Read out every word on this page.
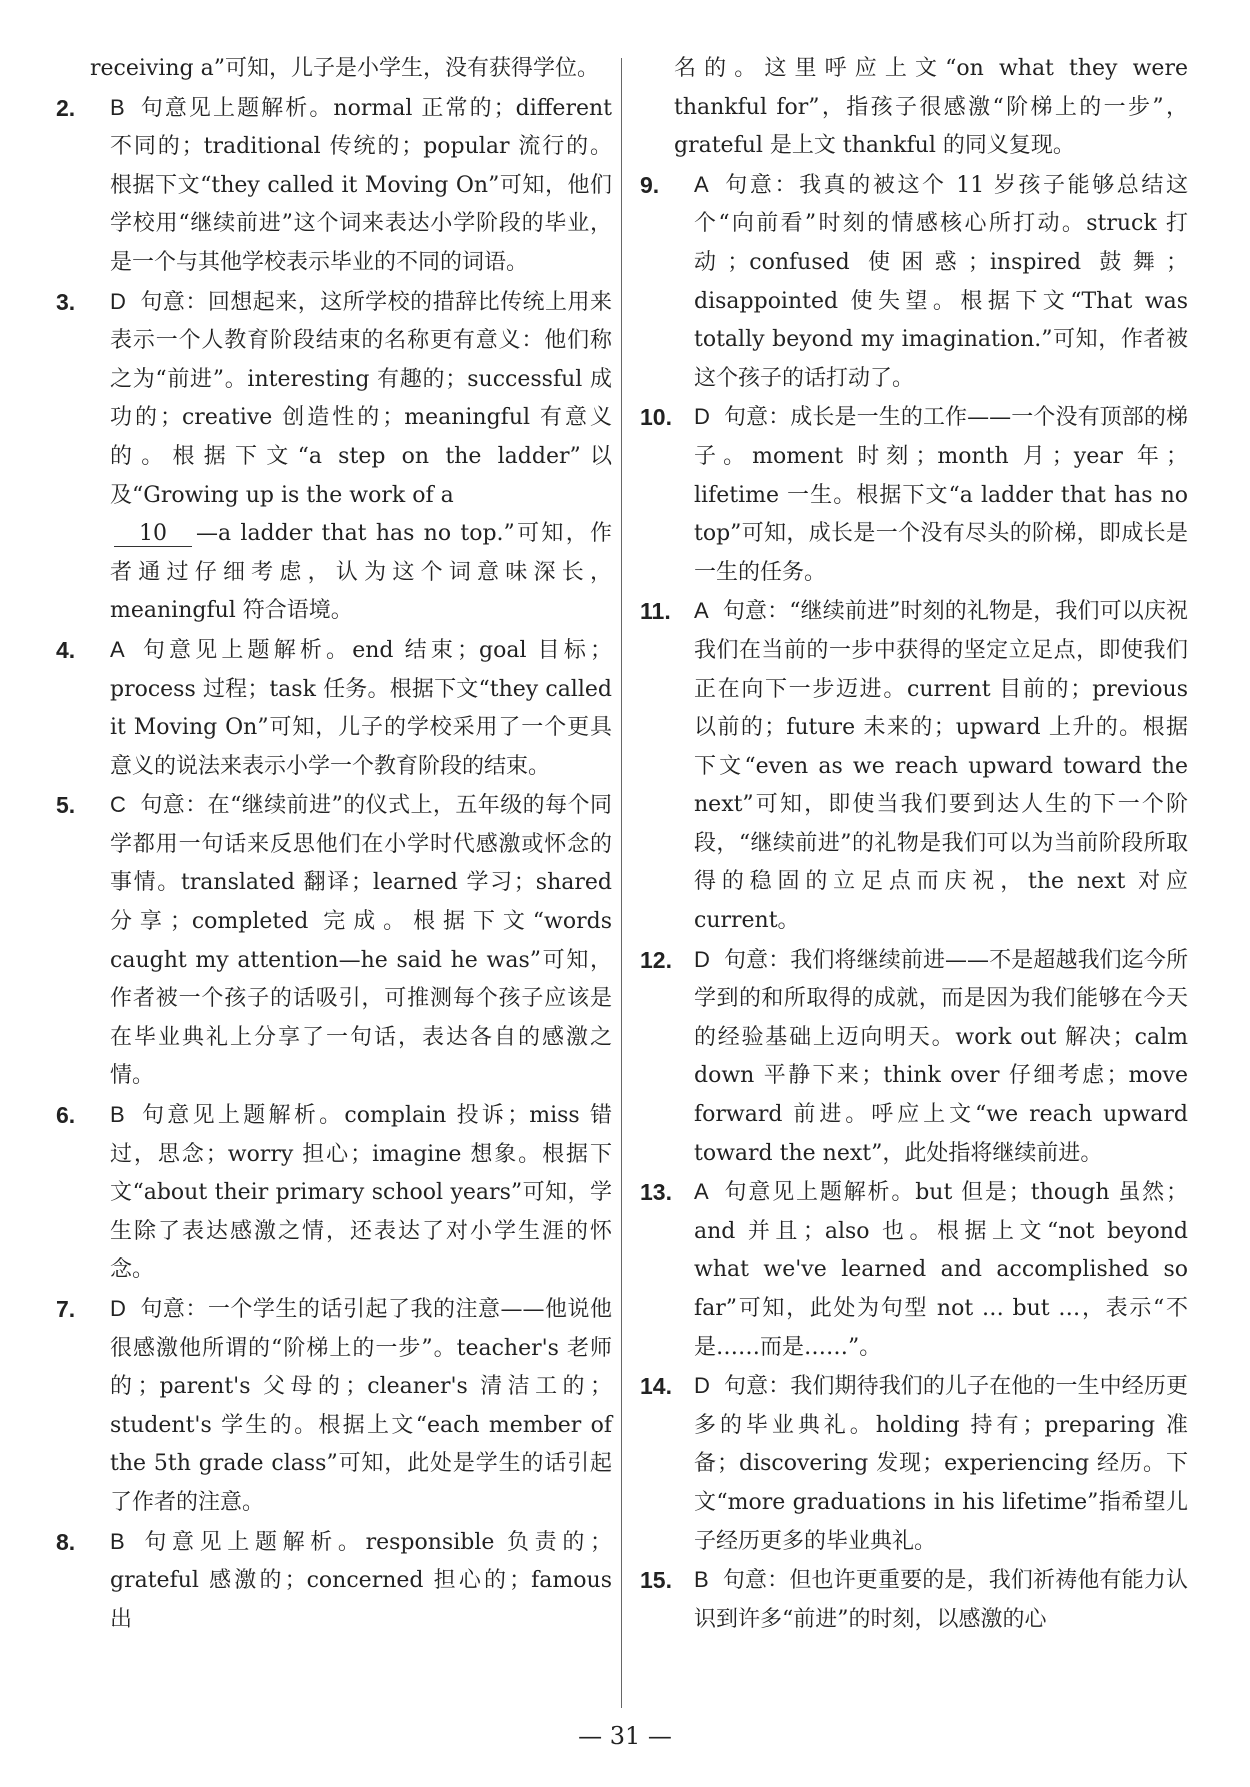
receiving a”可知，儿子是小学生，没有获得学位。
2. B 句意见上题解析。normal 正常的；different 不同的；traditional 传统的；popular 流行的。根据下文“they called it Moving On”可知，他们学校用“继续前进”这个词来表达小学阶段的毕业，是一个与其他学校表示毕业的不同的词语。
3. D 句意：回想起来，这所学校的措辞比传统上用来表示一个人教育阶段结束的名称更有意义：他们称之为“前进”。interesting 有趣的；successful 成功的；creative 创造性的；meaningful 有意义的。根据下文“a step on the ladder”以及“Growing up is the work of a
10 —a ladder that has no top.”可知，作者通过仔细考虑，认为这个词意味深长，meaningful 符合语境。
4. A 句意见上题解析。end 结束；goal 目标；process 过程；task 任务。根据下文“they called it Moving On”可知，儿子的学校采用了一个更具意义的说法来表示小学一个教育阶段的结束。
5. C 句意：在“继续前进”的仪式上，五年级的每个同学都用一句话来反思他们在小学时代感激或怀念的事情。translated 翻译；learned 学习；shared 分享；completed 完成。根据下文“words caught my attention—he said he was”可知，作者被一个孩子的话吸引，可推测每个孩子应该是在毕业典礼上分享了一句话，表达各自的感激之情。
6. B 句意见上题解析。complain 投诉；miss 错过，思念；worry 担心；imagine 想象。根据下文“about their primary school years”可知，学生除了表达感激之情，还表达了对小学生涯的怀念。
7. D 句意：一个学生的话引起了我的注意——他说他很感激他所谓的“阶梯上的一步”。teacher's 老师的；parent's 父母的；cleaner's 清洁工的；student's 学生的。根据上文“each member of the 5th grade class”可知，此处是学生的话引起了作者的注意。
8. B 句意见上题解析。responsible 负责的；grateful 感激的；concerned 担心的；famous 出
名的。这里呼应上文“on what they were thankful for”，指孩子很感激“阶梯上的一步”，grateful 是上文 thankful 的同义复现。
9. A 句意：我真的被这个 11 岁孩子能够总结这个“向前看”时刻的情感核心所打动。struck 打动；confused 使困惑；inspired 鼓舞；disappointed 使失望。根据下文“That was totally beyond my imagination.”可知，作者被这个孩子的话打动了。
10. D 句意：成长是一生的工作——一个没有顶部的梯子。moment 时刻；month 月；year 年；lifetime 一生。根据下文“a ladder that has no top”可知，成长是一个没有尽头的阶梯，即成长是一生的任务。
11. A 句意：“继续前进”时刻的礼物是，我们可以庆祝我们在当前的一步中获得的坚定立足点，即使我们正在向下一步迈进。current 目前的；previous 以前的；future 未来的；upward 上升的。根据下文“even as we reach upward toward the next”可知，即使当我们要到达人生的下一个阶段，“继续前进”的礼物是我们可以为当前阶段所取得的稳固的立足点而庆祝，the next 对应 current。
12. D 句意：我们将继续前进——不是超越我们迄今所学到的和所取得的成就，而是因为我们能够在今天的经验基础上迈向明天。work out 解决；calm down 平静下来；think over 仔细考虑；move forward 前进。呼应上文“we reach upward toward the next”，此处指将继续前进。
13. A 句意见上题解析。but 但是；though 虽然；and 并且；also 也。根据上文“not beyond what we've learned and accomplished so far”可知，此处为句型 not … but …，表示“不是……而是……”。
14. D 句意：我们期待我们的儿子在他的一生中经历更多的毕业典礼。holding 持有；preparing 准备；discovering 发现；experiencing 经历。下文“more graduations in his lifetime”指希望儿子经历更多的毕业典礼。
15. B 句意：但也许更重要的是，我们祈祷他有能力认识到许多“前进”的时刻，以感激的心
— 31 —
